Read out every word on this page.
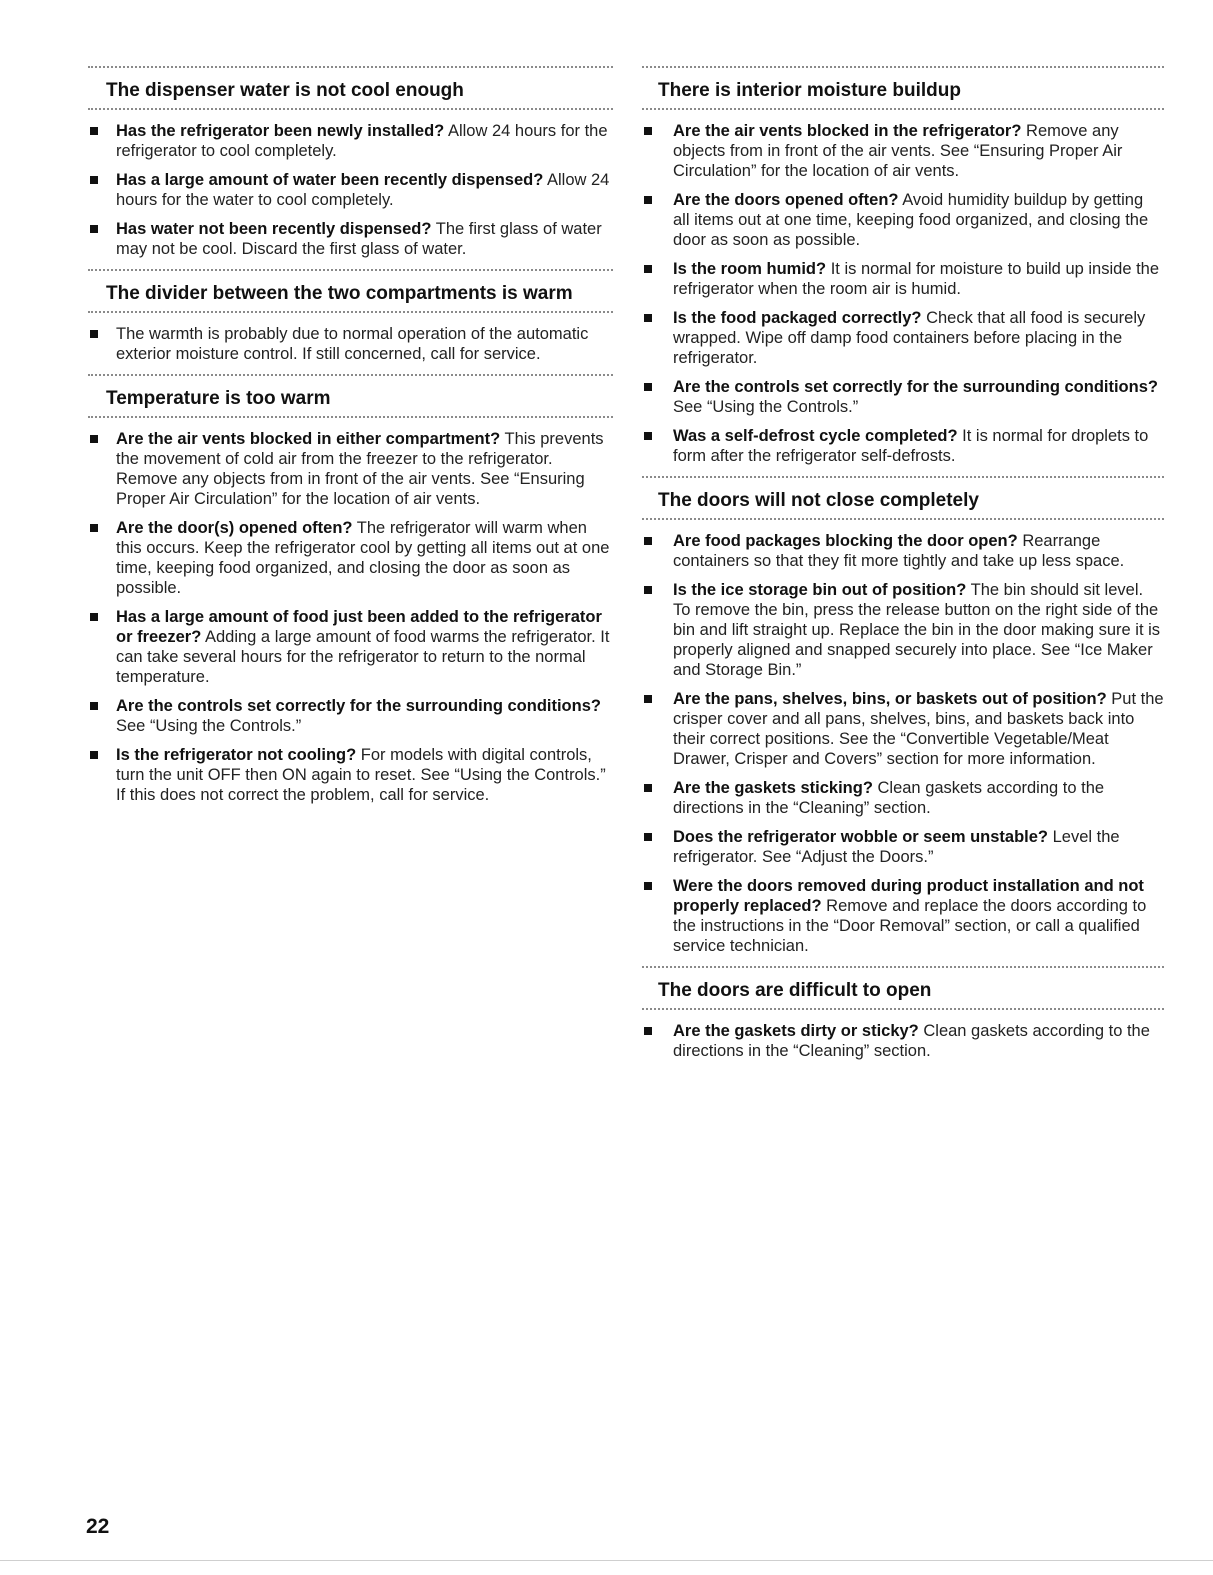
The dispenser water is not cool enough
Has the refrigerator been newly installed? Allow 24 hours for the refrigerator to cool completely.
Has a large amount of water been recently dispensed? Allow 24 hours for the water to cool completely.
Has water not been recently dispensed? The first glass of water may not be cool. Discard the first glass of water.
The divider between the two compartments is warm
The warmth is probably due to normal operation of the automatic exterior moisture control. If still concerned, call for service.
Temperature is too warm
Are the air vents blocked in either compartment? This prevents the movement of cold air from the freezer to the refrigerator. Remove any objects from in front of the air vents. See “Ensuring Proper Air Circulation” for the location of air vents.
Are the door(s) opened often? The refrigerator will warm when this occurs. Keep the refrigerator cool by getting all items out at one time, keeping food organized, and closing the door as soon as possible.
Has a large amount of food just been added to the refrigerator or freezer? Adding a large amount of food warms the refrigerator. It can take several hours for the refrigerator to return to the normal temperature.
Are the controls set correctly for the surrounding conditions? See “Using the Controls.”
Is the refrigerator not cooling? For models with digital controls, turn the unit OFF then ON again to reset. See “Using the Controls.” If this does not correct the problem, call for service.
There is interior moisture buildup
Are the air vents blocked in the refrigerator? Remove any objects from in front of the air vents. See “Ensuring Proper Air Circulation” for the location of air vents.
Are the doors opened often? Avoid humidity buildup by getting all items out at one time, keeping food organized, and closing the door as soon as possible.
Is the room humid? It is normal for moisture to build up inside the refrigerator when the room air is humid.
Is the food packaged correctly? Check that all food is securely wrapped. Wipe off damp food containers before placing in the refrigerator.
Are the controls set correctly for the surrounding conditions? See “Using the Controls.”
Was a self-defrost cycle completed? It is normal for droplets to form after the refrigerator self-defrosts.
The doors will not close completely
Are food packages blocking the door open? Rearrange containers so that they fit more tightly and take up less space.
Is the ice storage bin out of position? The bin should sit level. To remove the bin, press the release button on the right side of the bin and lift straight up. Replace the bin in the door making sure it is properly aligned and snapped securely into place. See “Ice Maker and Storage Bin.”
Are the pans, shelves, bins, or baskets out of position? Put the crisper cover and all pans, shelves, bins, and baskets back into their correct positions. See the “Convertible Vegetable/Meat Drawer, Crisper and Covers” section for more information.
Are the gaskets sticking? Clean gaskets according to the directions in the “Cleaning” section.
Does the refrigerator wobble or seem unstable? Level the refrigerator. See “Adjust the Doors.”
Were the doors removed during product installation and not properly replaced? Remove and replace the doors according to the instructions in the “Door Removal” section, or call a qualified service technician.
The doors are difficult to open
Are the gaskets dirty or sticky? Clean gaskets according to the directions in the “Cleaning” section.
22
